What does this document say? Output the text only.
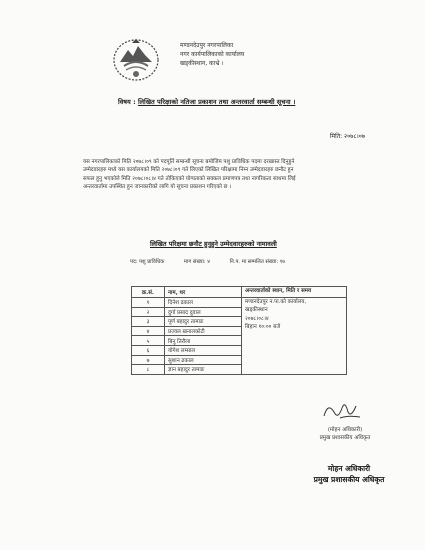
मण्डनदेउपुर नगरपालिका
नगर कार्यपालिकाको कार्यालय
खड्कीस्थान, काभ्रे ।
विषय : लिखित परिक्षाको नतिजा प्रकाशन तथा अन्तरवार्ता सम्बन्धी सूचना ।
मिति: २०७८।०७
यस नगरपालिकाको मिति २०७८।०९ को पदपूर्ति सम्बन्धी सूचना बमोजिम पशु प्राविधिक पदमा दरखास्त दिनुहुने
उम्मेदवारहरु मध्ये यस कार्यालयको मिति २०७८।०९ गते लिएको लिखित परिक्षामा निम्न उम्मेदवारहरु छनौट हुन
सफल हुनु भएकोले मिति २०७८।०८।४ गते तोकिएको योग्यताको सक्कल प्रमाणपत्र तथा नागरिकता साथमा लिई
अन्तरवार्तामा उपस्थित हुन जानकारीको लागि यो सूचना प्रकाशन गरिएको छ ।
लिखित परिक्षमा छनौट हुनुहुने उम्मेदवारहरुको नामावली
पद: पशु प्राविधिक	माग संख्या: ४	नि.प. मा सम्मलित संख्या: १७
क्र.सं.	नाम, थर	अन्तरवार्ताको स्थान, मिति र समय
१	दिनेश ढकाल	मण्डनदेउपुर न.पा.को कार्यालय,
खड्कीस्थान
२०७८।०८।४
बिहान १०:०० बजे

२	दुर्गा प्रसाद दुवाल	
३	पूर्ण बहादुर तामाङ	
४	प्रज्वल खनालकोटी	
५	बिनु तिरौला	
६	योगेश लम्साल	
७	सुशान ढकाल	
८	ज्ञान बहादुर तामाङ	
(मोहन अधिकारी)
प्रमुख प्रशासकीय अधिकृत
मोहन अधिकारी
प्रमुख प्रशासकीय अधिकृत
